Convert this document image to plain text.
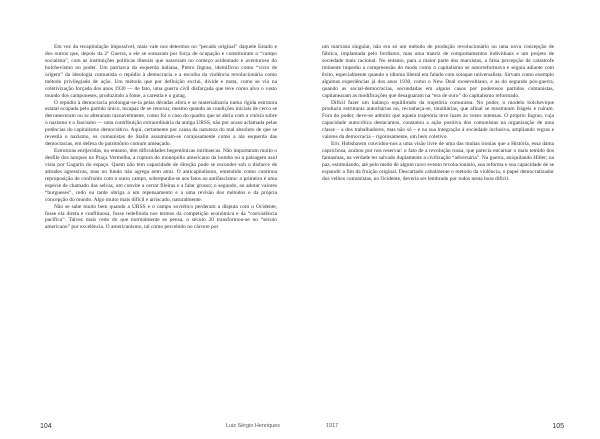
Em vez da recapitulação impossível, mais vale nos determos no “pecado original” daquele Estado e dos outros que, depois da 2ª Guerra, a ele se somaram por força de ocupação e constituíram o “campo socialista”, com as instituições políticas liberais que nasceram no começo acidentado e aventuroso do bolchevismo no poder. Um patriarca da esquerda italiana, Pietro Ingrao, identificou como “vício de origem” da ideologia comunista o repúdio à democracia e a escolha da violência revolucionária como método privilegiado de ação. Um método que por definição exclui, divide e mata, como se viu na coletivização forçada dos anos 1930 — de fato, uma guerra civil disfarçada que teve como alvo o vasto mundo dos camponeses, produzindo a fome, a carestia e o gulag.

O repúdio à democracia prolongar-se-ia pelas décadas afora e se materializaria numa rígida estrutura estatal ocupada pelo partido único, incapaz de se renovar, mesmo quando as condições iniciais de cerco se desvaneceram ou se alteraram razoavelmente, como foi o caso do quadro que se abriu com a vitória sobre o nazismo e o fascismo — uma contribuição extraordinária da antiga URSS, não por acaso aclamada pelas potências do capitalismo democrático. Aqui, certamente por causa da natureza do mal absoluto de que se revestia o nazismo, os comunistas de Stalin assumiram-se corajosamente como a ala esquerda das democracias, em defesa do patrimônio comum ameaçado.

Estruturas enrijecidas, no entanto, têm dificuldades hegemônicas intrínsecas. Não importaram muito o desfile dos tanques na Praça Vermelha, a ruptura do monopólio americano da bomba ou a paisagem azul vista por Gagarin do espaço. Quem não tem capacidade de direção pode se esconder sob o disfarce de atitudes agressivas, mas no fundo não agrega nem atrai. O anticapitalismo, entendido como contínua reproposição de confronto com o outro campo, sobrepunha-se aos fatos ao antifascismo: o primeiro é uma espécie de chamado das selvas, um convite a cerrar fileiras e a falar grosso; o segundo, ao adotar valores “burgueses”, cedo ou tarde obriga a um repensamento e a uma revisão dos métodos e da própria concepção do mundo. Algo muito mais difícil e arriscado, naturalmente.

Não se sabe muito bem quando a URSS e o campo soviético perderam a disputa com o Ocidente, fosse ela direta e conflituosa, fosse redefinida nos termos da competição econômica e da “coexistência pacífica”. Talvez mais cedo do que normalmente se pensa, o século 20 transformou-se no “século americano” por excelência. O americanismo, tal como percebido no cárcere por

104	Luiz Sérgio Henriques

um marxista singular, não era só um método de produção revolucionário ou uma nova concepção de fábrica, implantada pelo fordismo, mas uma matriz de comportamentos individuais e um projeto de sociedade mais racional. No entanto, para a maior parte dos marxistas, a falsa percepção de catástrofe iminente impediu a compreensão do modo como o capitalismo se autorreformava e seguia adiante com êxito, especialmente quando o idioma liberal era falado com sotaque universalista. Sirvam como exemplo algumas experiências já dos anos 1930, como o New Deal rooseveltiano, e as do segundo pós-guerra, quando as social-democracias, secundadas em alguns casos por poderosos partidos comunistas, capitanearam as modificações que desaguaram na “era de ouro” do capitalismo reformado.

Difícil fazer um balanço equilibrado da trajetória comunista. No poder, o modelo bolchevique produziu estruturas autoritárias ou, reconheça-se, totalitárias, que afinal se mostraram frágeis e ruíram. Fora do poder, deve-se admitir que aquela trajetória teve luzes às vezes intensas. O próprio Ingrao, cuja capacidade autocrítica destacamos, constatou a ação positiva dos comunistas na organização de uma classe – a dos trabalhadores, mas não só – e na sua integração à sociedade inclusiva, ampliando regras e valores da democracia – rigorosamente, um bem coletivo.

Eric Hobsbawm convidou-nos a uma visão livre de uma das muitas ironias que a História, essa dama caprichosa, acabou por nos reservar: o fato de a revolução russa, que parecia encarnar o mais temido dos fantasmas, na verdade ter salvado duplamente a civilização “adversária”. Na guerra, aniquilando Hitler; na paz, estimulando, até pelo medo de algum novo evento revolucionário, sua reforma e sua capacidade de se expandir a fim da fruição original. Descartado cabalmente o método da violência, o papel democratizador dos velhos comunistas, no Ocidente, deveria ser lembrado por todos nesta hora difícil.

1917	105
